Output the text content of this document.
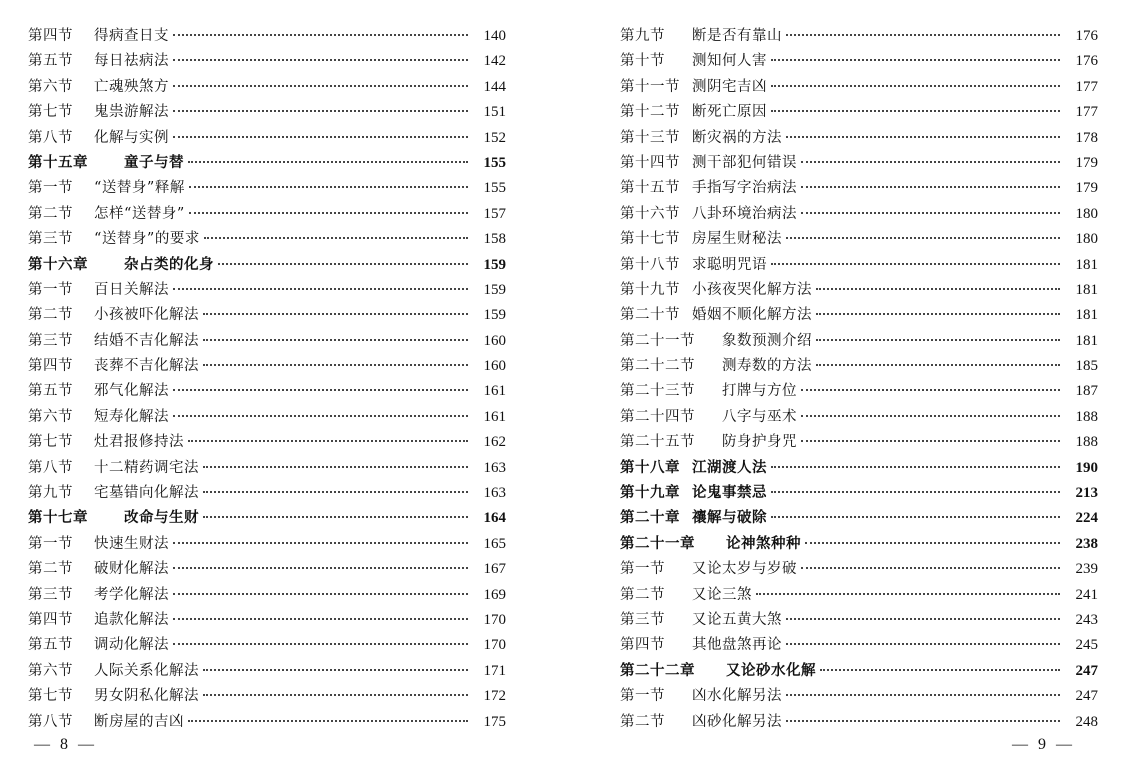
第四节	得病查日支	140
第五节	每日祛病法	142
第六节	亡魂殃煞方	144
第七节	鬼祟游解法	151
第八节	化解与实例	152
第十五章	童子与替	155
第一节	“送替身”释解	155
第二节	怎样“送替身”	157
第三节	“送替身”的要求	158
第十六章	杂占类的化身	159
第一节	百日关解法	159
第二节	小孩被吓化解法	159
第三节	结婚不吉化解法	160
第四节	丧葬不吉化解法	160
第五节	邪气化解法	161
第六节	短寿化解法	161
第七节	灶君报修持法	162
第八节	十二精药调宅法	163
第九节	宅墓错向化解法	163
第十七章	改命与生财	164
第一节	快速生财法	165
第二节	破财化解法	167
第三节	考学化解法	169
第四节	追款化解法	170
第五节	调动化解法	170
第六节	人际关系化解法	171
第七节	男女阴私化解法	172
第八节	断房屋的吉凶	175
第九节	断是否有靠山	176
第十节	测知何人害	176
第十一节 测阴宅吉凶	177
第十二节 断死亡原因	177
第十三节 断灾祸的方法	178
第十四节 测干部犯何错误	179
第十五节 手指写字治病法	179
第十六节 八卦环境治病法	180
第十七节 房屋生财秘法	180
第十八节 求聪明咒语	181
第十九节 小孩夜哭化解方法	181
第二十节 婚姻不顺化解方法	181
第二十一节	象数预测介绍	181
第二十二节	测寿数的方法	185
第二十三节	打牌与方位	187
第二十四节	八字与巫术	188
第二十五节	防身护身咒	188
第十八章 江湖渡人法	190
第十九章 论鬼事禁忌	213
第二十章 禳解与破除	224
第二十一章	论神煞种种	238
第一节	又论太岁与岁破	239
第二节	又论三煞	241
第三节	又论五黄大煞	243
第四节	其他盘煞再论	245
第二十二章	又论砂水化解	247
第一节	凶水化解另法	247
第二节	凶砂化解另法	248
— 8 —	— 9 —
